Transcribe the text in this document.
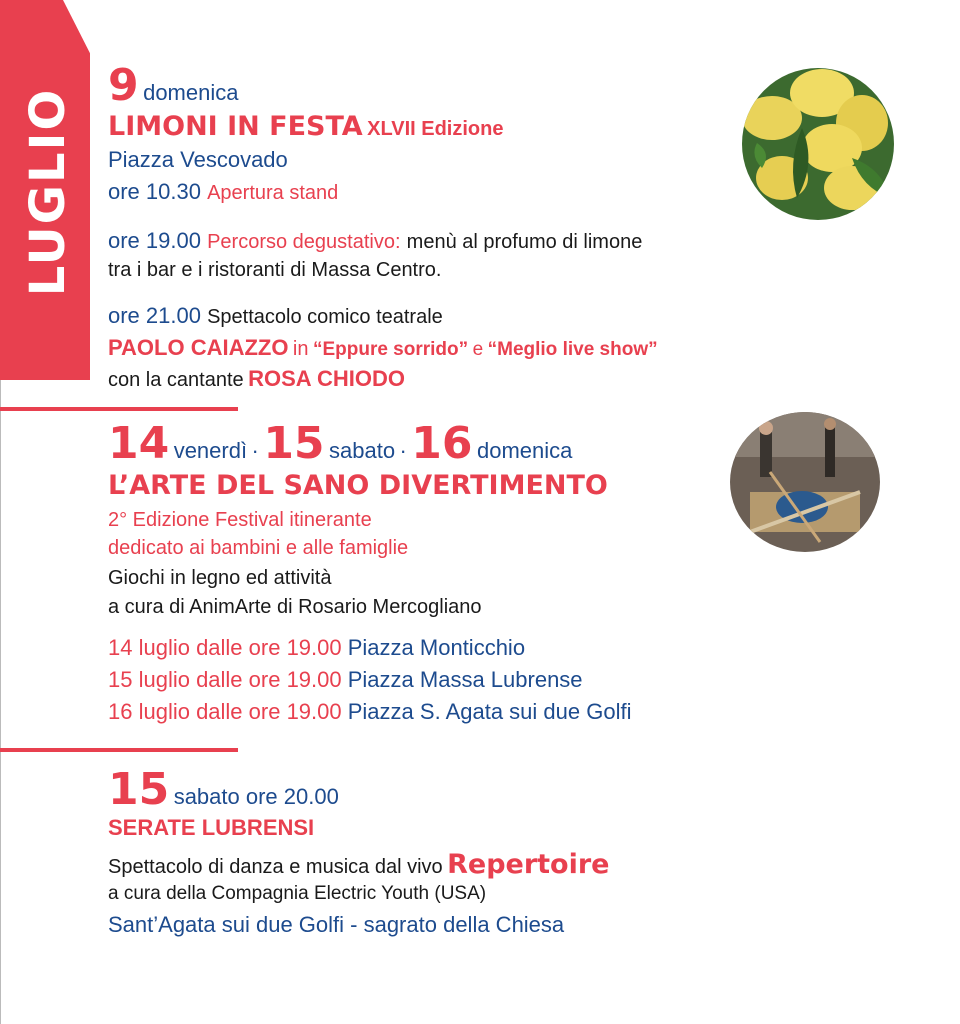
LUGLIO
9 domenica
LIMONI IN FESTA XLVII Edizione
Piazza Vescovado
ore 10.30 Apertura stand
ore 19.00 Percorso degustativo: menù al profumo di limone
tra i bar e i ristoranti di Massa Centro.
ore 21.00 Spettacolo comico teatrale
PAOLO CAIAZZO in “Eppure sorrido” e “Meglio live show”
con la cantante ROSA CHIODO
14 venerdì · 15 sabato · 16 domenica
L’ARTE DEL SANO DIVERTIMENTO
2° Edizione Festival itinerante
dedicato ai bambini e alle famiglie
Giochi in legno ed attività
a cura di AnimArte di Rosario Mercogliano
14 luglio dalle ore 19.00 Piazza Monticchio
15 luglio dalle ore 19.00 Piazza Massa Lubrense
16 luglio dalle ore 19.00 Piazza S. Agata sui due Golfi
15 sabato ore 20.00
SERATE LUBRENSI
Spettacolo di danza e musica dal vivo Repertoire
a cura della Compagnia Electric Youth (USA)
Sant’Agata sui due Golfi - sagrato della Chiesa
